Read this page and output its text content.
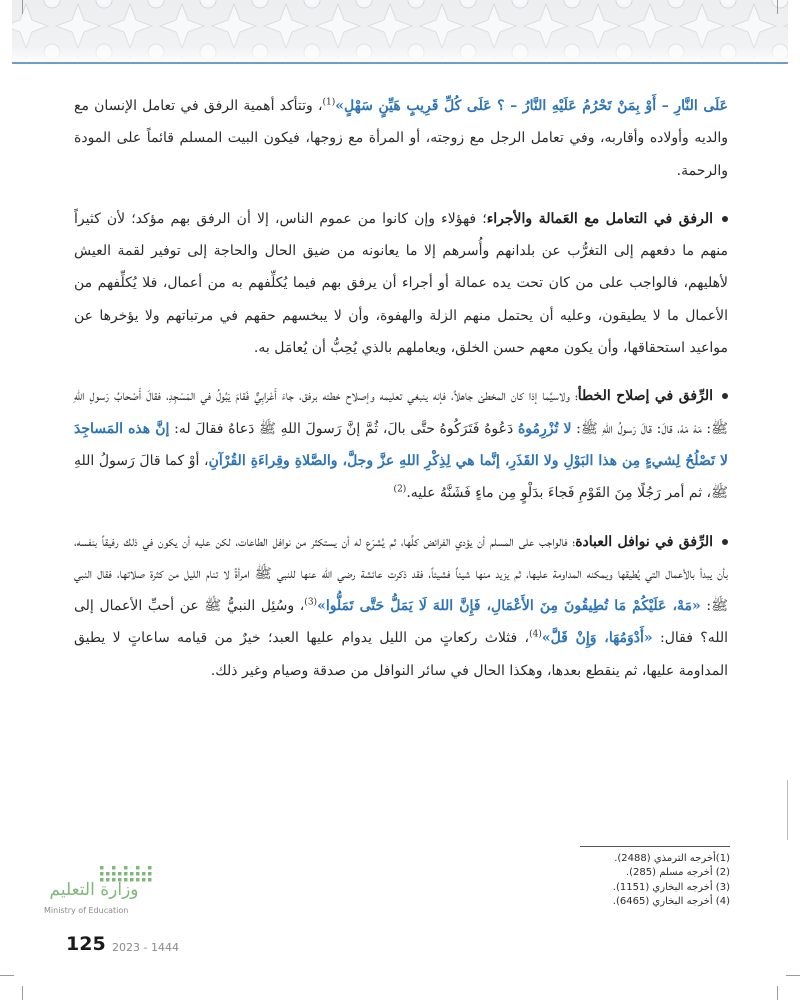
عَلَى النَّارِ – أَوْ بِمَنْ تَحْرُمُ عَلَيْهِ النَّارُ – ؟ عَلَى كُلِّ قَرِيبٍ هَيِّنٍ سَهْلٍ»$^{(1)}$، وتتأكد أهمية الرفق في تعامل الإنسان مع والديه وأولاده وأقاربه، وفي تعامل الرجل مع زوجته، أو المرأة مع زوجها، فيكون البيت المسلم قائماً على المودة والرحمة.

الرفق في التعامل مع العَمالة والأجراء؛ فهؤلاء وإن كانوا من عموم الناس، إلا أن الرفق بهم مؤكد؛ لأن كثيراً منهم ما دفعهم إلى التغرُّب عن بلدانهم وأُسرهم إلا ما يعانونه من ضيق الحال والحاجة إلى توفير لقمة العيش لأهليهم، فالواجب على من كان تحت يده عمالة أو أجراء أن يرفق بهم فيما يُكلِّفهم به من أعمال، فلا يُكلِّفهم من الأعمال ما لا يطيقون، وعليه أن يحتمل منهم الزلة والهفوة، وأن لا يبخسهم حقهم في مرتباتهم ولا يؤخرها عن مواعيد استحقاقها، وأن يكون معهم حسن الخلق، ويعاملهم بالذي يُحِبُّ أن يُعامَل به.

الرِّفق في إصلاح الخطأ؛ ولاسيَّما إذا كان المخطئ جاهلاً، فإنه ينبغي تعليمه وإصلاح خطئه برفق، جاءَ أَعْرابِيٌّ فَقامَ يَبُولُ في المَسْجِدِ، فقالَ أَصْحابُ رَسولِ اللهِ ﷺ: مَهْ مَهْ، قالَ: قالَ رَسولُ اللهِ ﷺ: لا تُزْرِمُوهُ دَعُوهُ فَتَرَكُوهُ حتَّى بالَ، ثُمَّ إنَّ رَسولَ اللهِ ﷺ دَعاهُ فقالَ له: إنَّ هذه المَساجِدَ لا تَصْلُحُ لِشيءٍ مِن هذا البَوْلِ ولا القَذَرِ، إنَّما هي لِذِكْرِ اللهِ عزَّ وجلَّ، والصَّلاةِ وقِراءَةِ القُرْآنِ، أوْ كما قالَ رَسولُ اللهِ ﷺ، ثم أمر رَجُلًا مِنَ القَوْمِ فَجاءَ بدَلْوٍ مِن ماءٍ فَشَنَّهُ عليه.$^{(2)}$

الرِّفق في نوافل العبادة؛ فالواجب على المسلم أن يؤدي الفرائض كلَّها، ثم يُشرَع له أن يستكثر من نوافل الطاعات، لكن عليه أن يكون في ذلك رفيقاً بنفسه، بأن يبدأ بالأعمال التي يُطيقها ويمكنه المداومة عليها، ثم يزيد منها شيئاً فشيئاً، فقد ذكرت عائشة رضي الله عنها للنبي ﷺ امرأةً لا تنام الليل من كثرة صلاتها، فقال النبي ﷺ: «مَهْ، عَلَيْكُمْ مَا تُطِيقُونَ مِنَ الأَعْمَالِ، فَإِنَّ اللهَ لَا يَمَلُّ حَتَّى تَمَلُّوا»$^{(3)}$، وسُئِل النبيُّ ﷺ عن أحبِّ الأعمال إلى الله؟ فقال: «أَدْوَمُهَا، وَإِنْ قَلَّ»$^{(4)}$، فثلاث ركعاتٍ من الليل يدوام عليها العبد؛ خيرٌ من قيامه ساعاتٍ لا يطيق المداومة عليها، ثم ينقطع بعدها، وهكذا الحال في سائر النوافل من صدقة وصيام وغير ذلك.

(1)أخرجه الترمذي (2488).
(2) أخرجه مسلم (285).
(3) أخرجه البخاري (1151).
(4) أخرجه البخاري (6465).
وزارة التعليم
Ministry of Education
125 2023 - 1444
